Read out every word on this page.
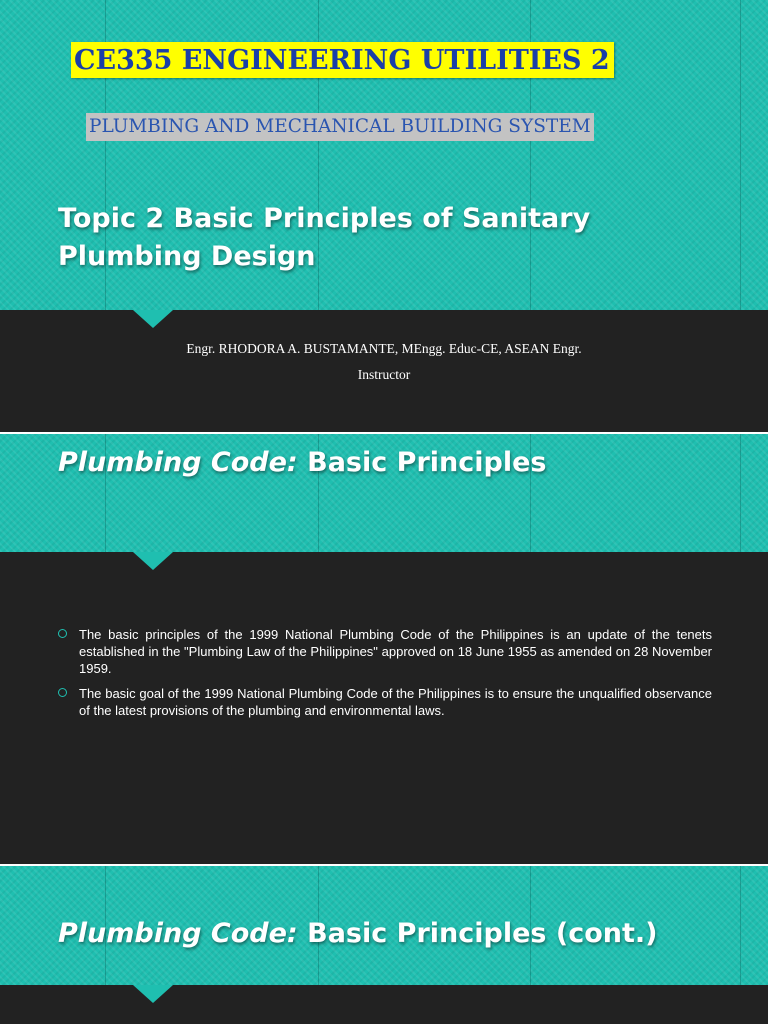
CE335 ENGINEERING UTILITIES 2
PLUMBING AND MECHANICAL BUILDING SYSTEM
Topic 2 Basic Principles of Sanitary Plumbing Design
Engr. RHODORA A. BUSTAMANTE, MEngg. Educ-CE, ASEAN Engr.
Instructor
Plumbing Code: Basic Principles
The basic principles of the 1999 National Plumbing Code of the Philippines is an update of the tenets established in the "Plumbing Law of the Philippines" approved on 18 June 1955 as amended on 28 November 1959.
The basic goal of the 1999 National Plumbing Code of the Philippines is to ensure the unqualified observance of the latest provisions of the plumbing and environmental laws.
Plumbing Code: Basic Principles (cont.)
